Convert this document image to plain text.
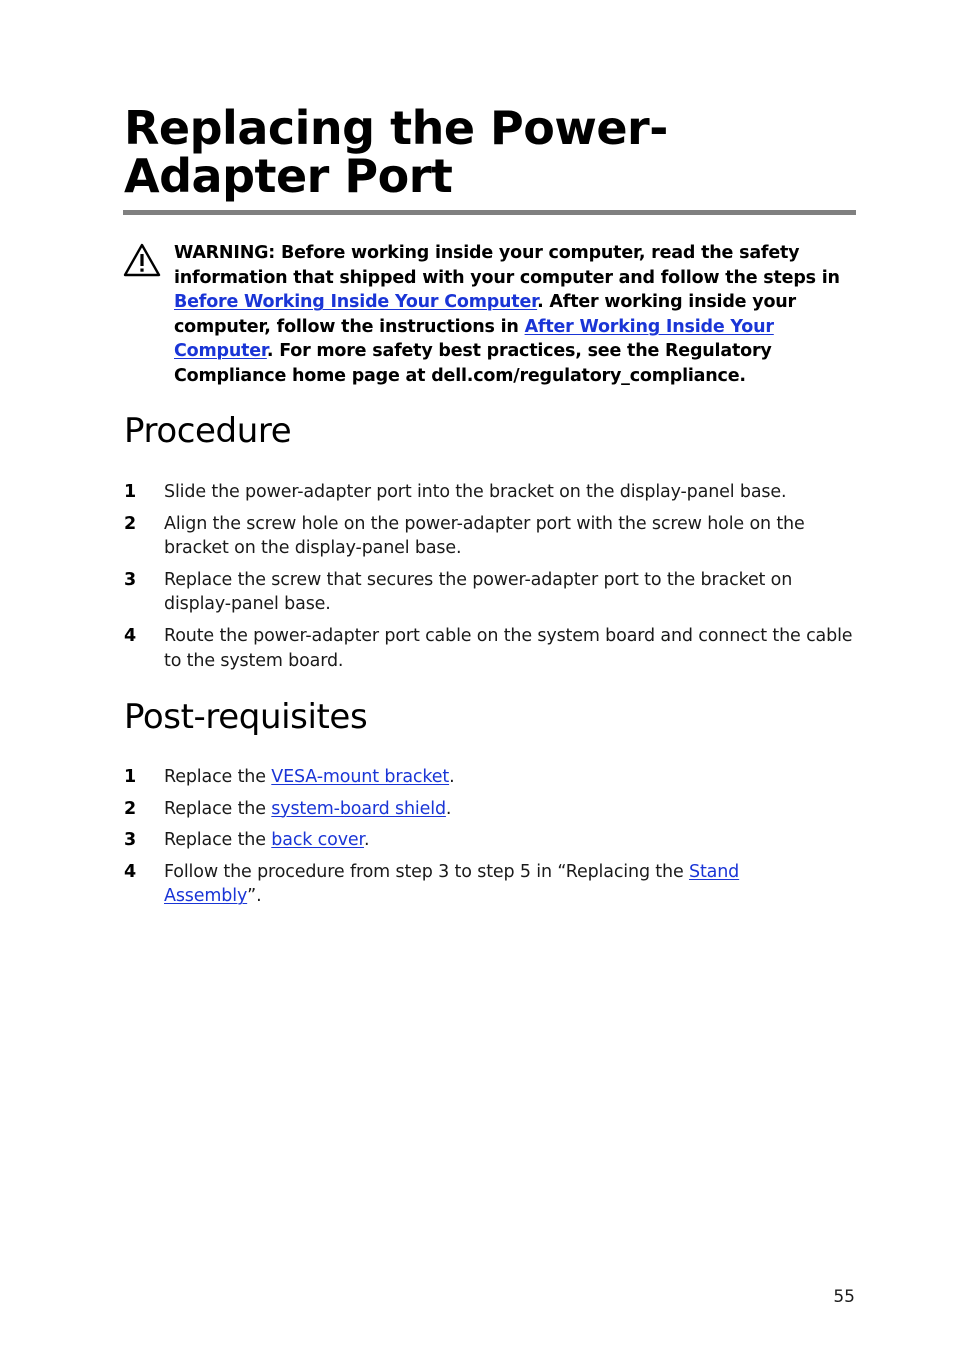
Replacing the Power-Adapter Port

WARNING: Before working inside your computer, read the safety information that shipped with your computer and follow the steps in Before Working Inside Your Computer. After working inside your computer, follow the instructions in After Working Inside Your Computer. For more safety best practices, see the Regulatory Compliance home page at dell.com/regulatory_compliance.

Procedure
1 Slide the power-adapter port into the bracket on the display-panel base.
2 Align the screw hole on the power-adapter port with the screw hole on the bracket on the display-panel base.
3 Replace the screw that secures the power-adapter port to the bracket on display-panel base.
4 Route the power-adapter port cable on the system board and connect the cable to the system board.
Post-requisites
1 Replace the VESA-mount bracket.
2 Replace the system-board shield.
3 Replace the back cover.
4 Follow the procedure from step 3 to step 5 in “Replacing the Stand Assembly”.
55
